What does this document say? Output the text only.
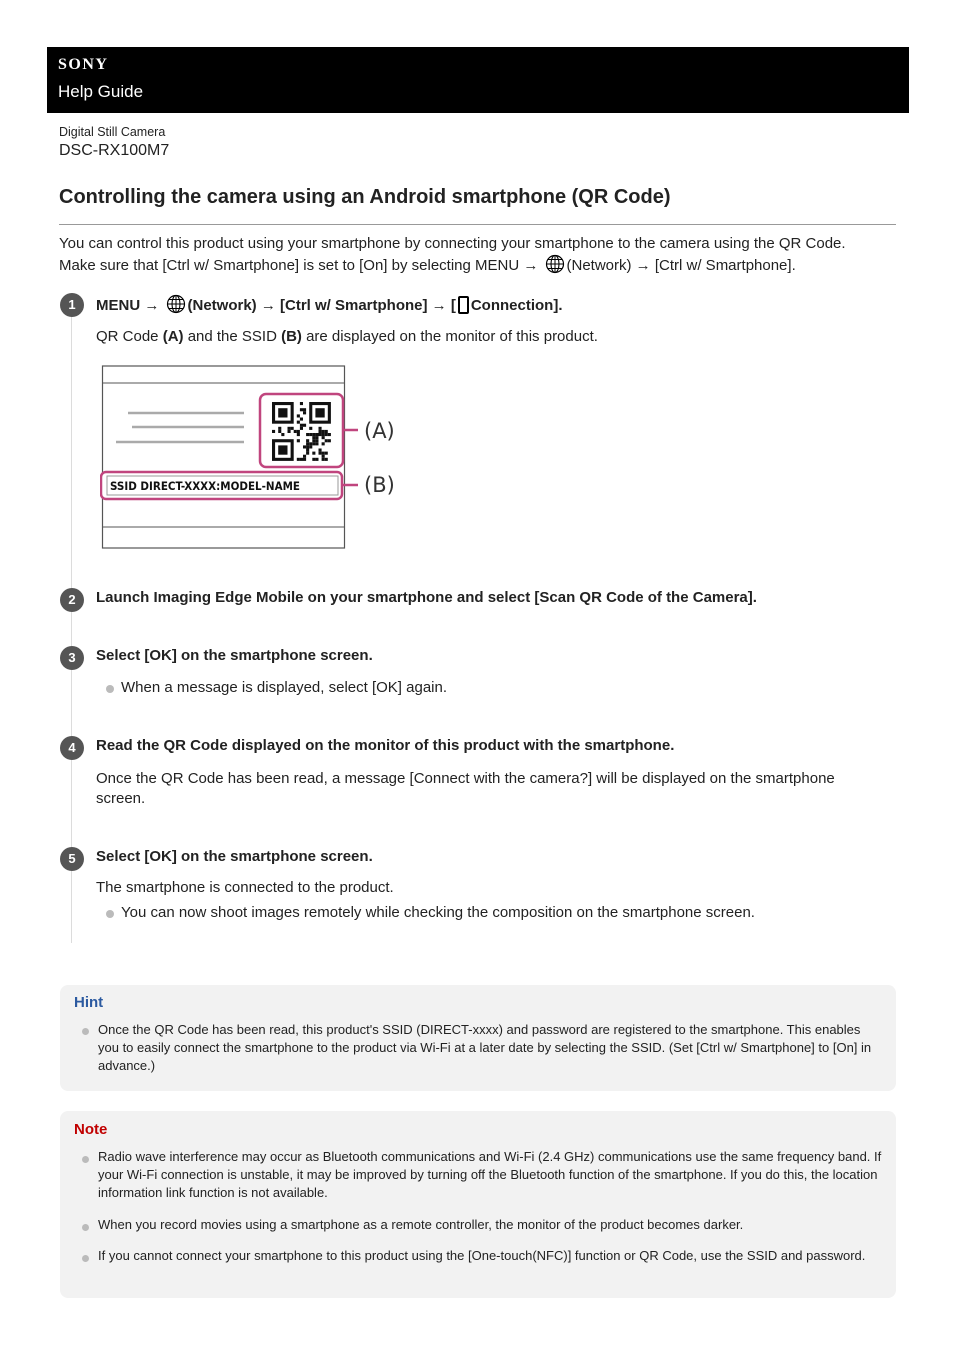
SONY
Help Guide
Digital Still Camera
DSC-RX100M7
Controlling the camera using an Android smartphone (QR Code)
You can control this product using your smartphone by connecting your smartphone to the camera using the QR Code.
Make sure that [Ctrl w/ Smartphone] is set to [On] by selecting MENU → (Network) → [Ctrl w/ Smartphone].
1	MENU → (Network) → [Ctrl w/ Smartphone] → [ Connection].
QR Code (A) and the SSID (B) are displayed on the monitor of this product.
SSID DIRECT-XXXX:MODEL-NAME
(A)
(B)
2	Launch Imaging Edge Mobile on your smartphone and select [Scan QR Code of the Camera].
3	Select [OK] on the smartphone screen.
When a message is displayed, select [OK] again.
4	Read the QR Code displayed on the monitor of this product with the smartphone.
Once the QR Code has been read, a message [Connect with the camera?] will be displayed on the smartphone screen.
5	Select [OK] on the smartphone screen.
The smartphone is connected to the product.
You can now shoot images remotely while checking the composition on the smartphone screen.
Hint
Once the QR Code has been read, this product's SSID (DIRECT-xxxx) and password are registered to the smartphone. This enables you to easily connect the smartphone to the product via Wi-Fi at a later date by selecting the SSID. (Set [Ctrl w/ Smartphone] to [On] in advance.)
Note
Radio wave interference may occur as Bluetooth communications and Wi-Fi (2.4 GHz) communications use the same frequency band. If your Wi-Fi connection is unstable, it may be improved by turning off the Bluetooth function of the smartphone. If you do this, the location information link function is not available.
When you record movies using a smartphone as a remote controller, the monitor of the product becomes darker.
If you cannot connect your smartphone to this product using the [One-touch(NFC)] function or QR Code, use the SSID and password.
